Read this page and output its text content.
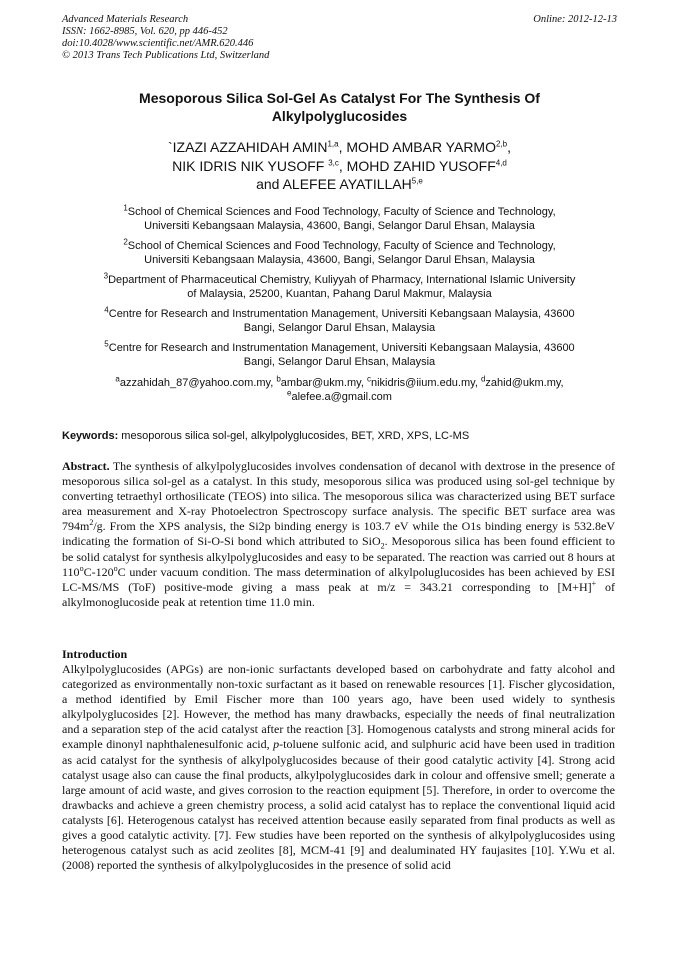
Advanced Materials Research
ISSN: 1662-8985, Vol. 620, pp 446-452
doi:10.4028/www.scientific.net/AMR.620.446
© 2013 Trans Tech Publications Ltd, Switzerland
Online: 2012-12-13
Mesoporous Silica Sol-Gel As Catalyst For The Synthesis Of
Alkylpolyglucosides
`IZAZI AZZAHIDAH AMIN$^{1,a}$, MOHD AMBAR YARMO$^{2,b}$,
NIK IDRIS NIK YUSOFF $^{3,c}$, MOHD ZAHID YUSOFF$^{4,d}$
and ALEFEE AYATILLAH$^{5,e}$
$^1$School of Chemical Sciences and Food Technology, Faculty of Science and Technology,
Universiti Kebangsaan Malaysia, 43600, Bangi, Selangor Darul Ehsan, Malaysia
$^2$School of Chemical Sciences and Food Technology, Faculty of Science and Technology,
Universiti Kebangsaan Malaysia, 43600, Bangi, Selangor Darul Ehsan, Malaysia
$^3$Department of Pharmaceutical Chemistry, Kuliyyah of Pharmacy, International Islamic University
of Malaysia, 25200, Kuantan, Pahang Darul Makmur, Malaysia
$^4$Centre for Research and Instrumentation Management, Universiti Kebangsaan Malaysia, 43600
Bangi, Selangor Darul Ehsan, Malaysia
$^5$Centre for Research and Instrumentation Management, Universiti Kebangsaan Malaysia, 43600
Bangi, Selangor Darul Ehsan, Malaysia
$^a$azzahidah_87@yahoo.com.my, $^b$ambar@ukm.my, $^c$nikidris@iium.edu.my, $^d$zahid@ukm.my,
$^e$alefee.a@gmail.com
Keywords: mesoporous silica sol-gel, alkylpolyglucosides, BET, XRD, XPS, LC-MS
Abstract. The synthesis of alkylpolyglucosides involves condensation of decanol with dextrose in the presence of mesoporous silica sol-gel as a catalyst. In this study, mesoporous silica was produced using sol-gel technique by converting tetraethyl orthosilicate (TEOS) into silica. The mesoporous silica was characterized using BET surface area measurement and X-ray Photoelectron Spectroscopy surface analysis. The specific BET surface area was $794m^2/g$. From the XPS analysis, the Si2p binding energy is 103.7 eV while the O1s binding energy is 532.8eV indicating the formation of Si-O-Si bond which attributed to SiO$_2$. Mesoporous silica has been found efficient to be solid catalyst for synthesis alkylpolyglucosides and easy to be separated. The reaction was carried out 8 hours at 110$^o$C-120$^o$C under vacuum condition. The mass determination of alkylpoluglucosides has been achieved by ESI LC-MS/MS (ToF) positive-mode giving a mass peak at m/z = 343.21 corresponding to [M+H]+ of alkylmonoglucoside peak at retention time 11.0 min.
Introduction
Alkylpolyglucosides (APGs) are non-ionic surfactants developed based on carbohydrate and fatty alcohol and categorized as environmentally non-toxic surfactant as it based on renewable resources [1]. Fischer glycosidation, a method identified by Emil Fischer more than 100 years ago, have been used widely to synthesis alkylpolyglucosides [2]. However, the method has many drawbacks, especially the needs of final neutralization and a separation step of the acid catalyst after the reaction [3]. Homogenous catalysts and strong mineral acids for example dinonyl naphthalenesulfonic acid, p-toluene sulfonic acid, and sulphuric acid have been used in tradition as acid catalyst for the synthesis of alkylpolyglucosides because of their good catalytic activity [4]. Strong acid catalyst usage also can cause the final products, alkylpolyglucosides dark in colour and offensive smell; generate a large amount of acid waste, and gives corrosion to the reaction equipment [5]. Therefore, in order to overcome the drawbacks and achieve a green chemistry process, a solid acid catalyst has to replace the conventional liquid acid catalysts [6]. Heterogenous catalyst has received attention because easily separated from final products as well as gives a good catalytic activity. [7]. Few studies have been reported on the synthesis of alkylpolyglucosides using heterogenous catalyst such as acid zeolites [8], MCM-41 [9] and dealuminated HY faujasites [10]. Y.Wu et al. (2008) reported the synthesis of alkylpolyglucosides in the presence of solid acid
